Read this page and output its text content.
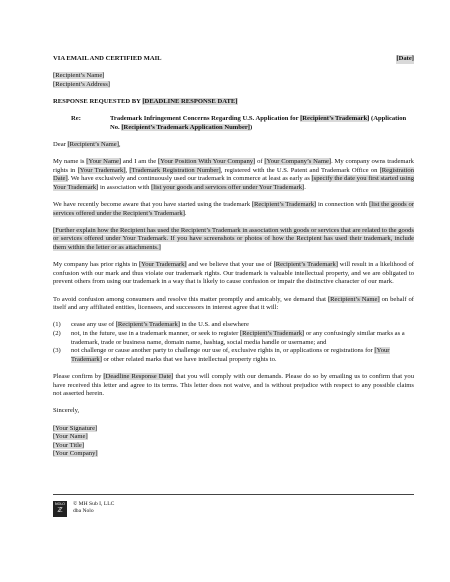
VIA EMAIL AND CERTIFIED MAIL	[Date]
[Recipient’s Name]
[Recipient’s Address]
RESPONSE REQUESTED BY [DEADLINE RESPONSE DATE]
Re:	Trademark Infringement Concerns Regarding U.S. Application for [Recipient’s Trademark] (Application No. [Recipient’s Trademark Application Number])

Dear [Recipient’s Name],

My name is [Your Name] and I am the [Your Position With Your Company] of [Your Company’s Name]. My company owns trademark rights in [Your Trademark], [Trademark Registration Number], registered with the U.S. Patent and Trademark Office on [Registration Date]. We have exclusively and continuously used our trademark in commerce at least as early as [specify the date you first started using Your Trademark] in association with [list your goods and services offer under Your Trademark].

We have recently become aware that you have started using the trademark [Recipient’s Trademark] in connection with [list the goods or services offered under the Recipient’s Trademark].

[Further explain how the Recipient has used the Recipient’s Trademark in association with goods or services that are related to the goods or services offered under Your Trademark. If you have screenshots or photos of how the Recipient has used their trademark, include them within the letter or as attachments.]

My company has prior rights in [Your Trademark] and we believe that your use of [Recipient’s Trademark] will result in a likelihood of confusion with our mark and thus violate our trademark rights. Our trademark is valuable intellectual property, and we are obligated to prevent others from using our trademark in a way that is likely to cause confusion or impair the distinctive character of our mark.

To avoid confusion among consumers and resolve this matter promptly and amicably, we demand that [Recipient’s Name] on behalf of itself and any affiliated entities, licensees, and successors in interest agree that it will:

(1)	cease any use of [Recipient’s Trademark] in the U.S. and elsewhere
(2)	not, in the future, use in a trademark manner, or seek to register [Recipient’s Trademark] or any confusingly similar marks as a trademark, trade or business name, domain name, hashtag, social media handle or username; and
(3)	not challenge or cause another party to challenge our use of, exclusive rights in, or applications or registrations for [Your Trademark] or other related marks that we have intellectual property rights to.

Please confirm by [Deadline Response Date] that you will comply with our demands. Please do so by emailing us to confirm that you have received this letter and agree to its terms. This letter does not waive, and is without prejudice with respect to any possible claims not asserted herein.

Sincerely,

[Your Signature]
[Your Name]
[Your Title]
[Your Company]
NOLO
ℤ
© MH Sub I, LLC
dba Nolo
